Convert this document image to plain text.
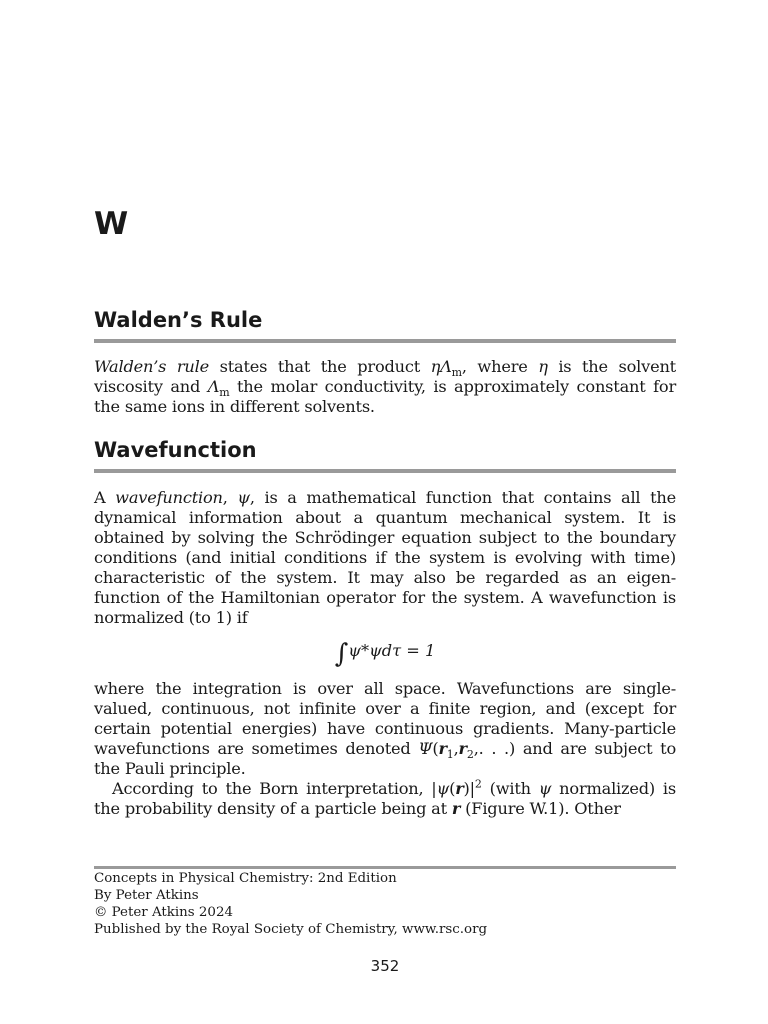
W
Walden’s Rule

Walden’s rule states that the product $\eta\Lambda_m$, where η is the solvent viscosity and $\Lambda_m$ the molar conductivity, is approximately constant for the same ions in different solvents.

Wavefunction

A wavefunction, ψ, is a mathematical function that contains all the dynamical information about a quantum mechanical system. It is obtained by solving the Schrödinger equation subject to the boundary conditions (and initial conditions if the system is evolving with time) characteristic of the system. It may also be regarded as an eigen-function of the Hamiltonian operator for the system. A wavefunction is normalized (to 1) if

∫ψ*ψdτ = 1

where the integration is over all space. Wavefunctions are single-valued, continuous, not infinite over a finite region, and (except for certain potential energies) have continuous gradients. Many-particle wavefunctions are sometimes denoted $\Psi(r_1,r_2$,. . .) and are subject to the Pauli principle.

According to the Born interpretation, $|\psi(r)|^2$ (with ψ normalized) is the probability density of a particle being at r (Figure W.1). Other

Concepts in Physical Chemistry: 2nd Edition
By Peter Atkins
© Peter Atkins 2024
Published by the Royal Society of Chemistry, www.rsc.org
352
